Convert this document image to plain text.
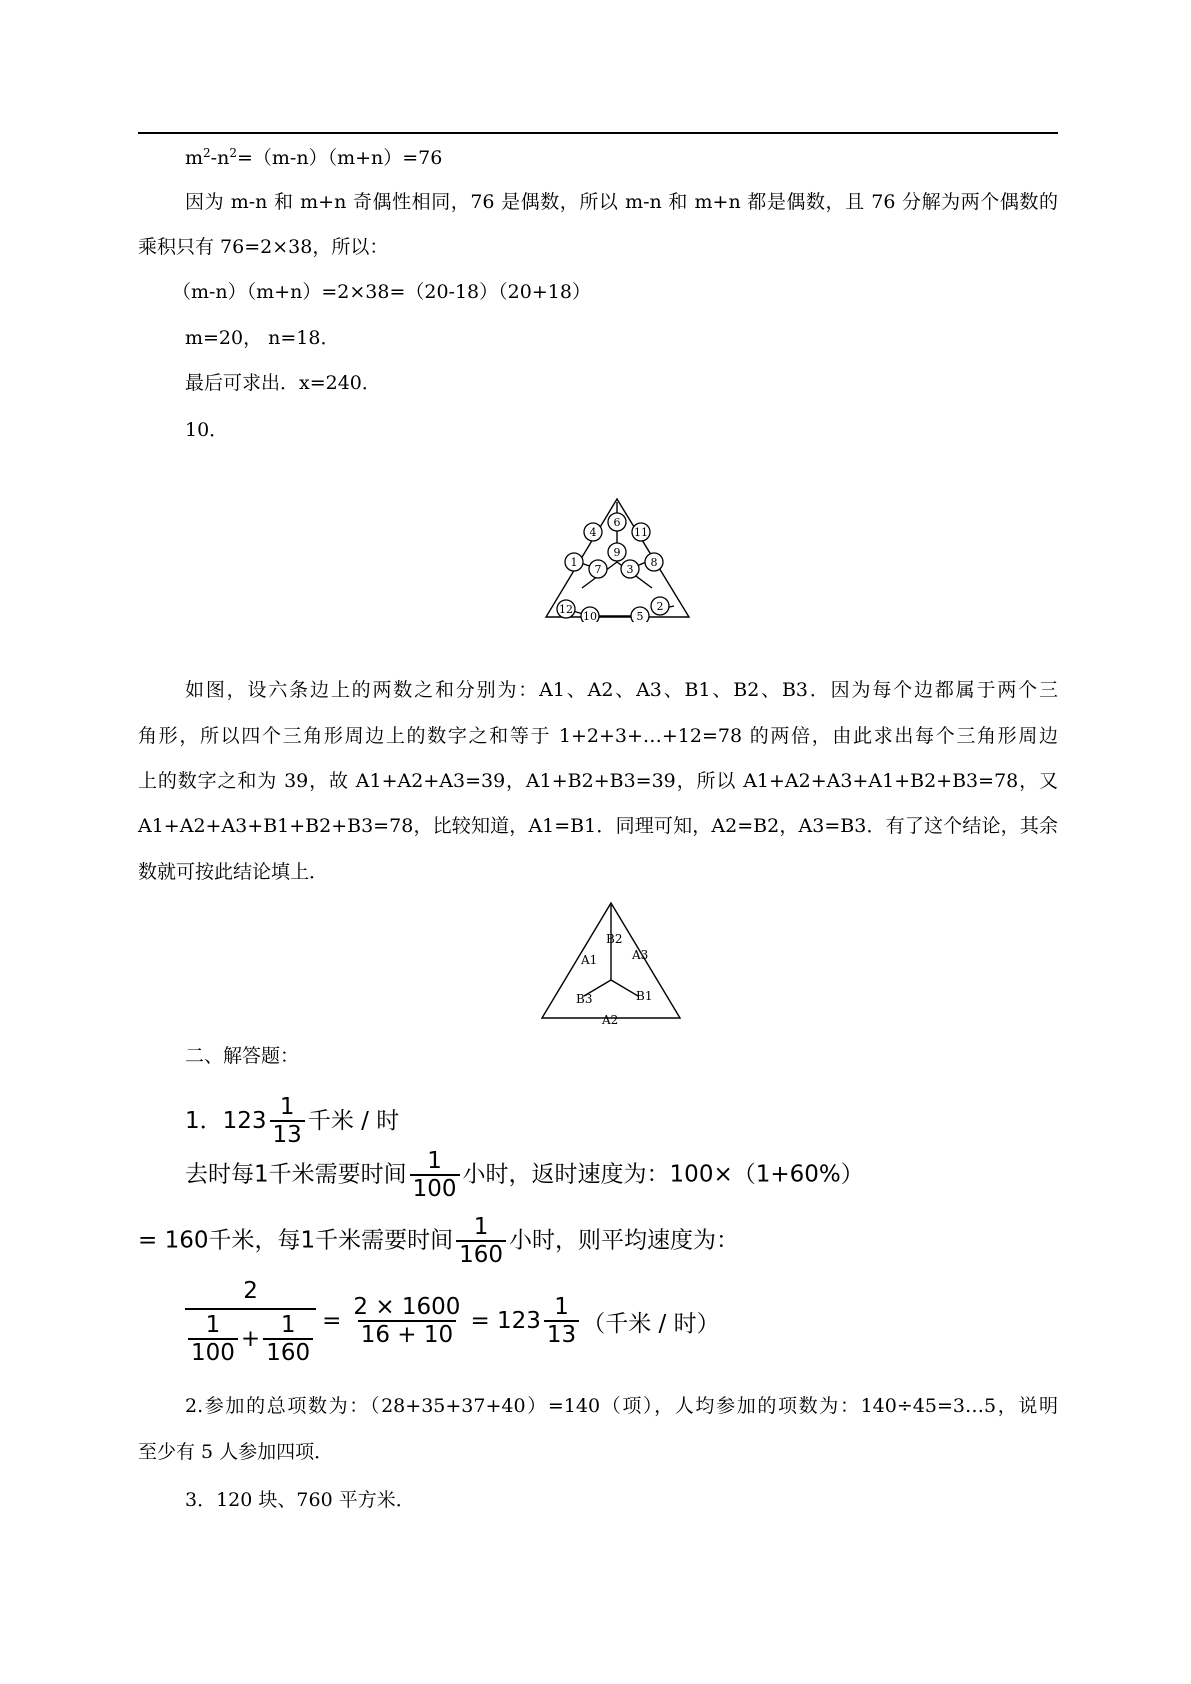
$m^2-n^2=(m-n)(m+n)=76$
因为 m-n 和 m+n 奇偶性相同，76 是偶数，所以 m-n 和 m+n 都是偶数，且 76 分解为两个偶数的
乘积只有 76=2×38，所以：
（m-n）（m+n）=2×38=（20-18）（20+18）
m=20， n=18．
最后可求出．x=240．
10．
6
4	11
9
1
7 3
8
12	2
10	5
如图，设六条边上的两数之和分别为：A1、A2、A3、B1、B2、B3．因为每个边都属于两个三
角形，所以四个三角形周边上的数字之和等于 1+2+3+…+12=78 的两倍，由此求出每个三角形周边
上的数字之和为 39，故 A1+A2+A3=39，A1+B2+B3=39，所以 A1+A2+A3+A1+B2+B3=78，又
A1+A2+A3+B1+B2+B3=78，比较知道，A1=B1．同理可知，A2=B2，A3=B3．有了这个结论，其余
数就可按此结论填上．
A1
B2
A3
B3	B1
A2
二、解答题：
1． $123 \frac{1}{13}$ 千米 / 时
去时每1千米需要时间 $\frac{1}{100}$ 小时，返时速度为：100×（1+60%）
= 160千米，每1千米需要时间 $\frac{1}{160}$ 小时，则平均速度为：
$\frac{2}{\frac{1}{100} + \frac{1}{160}} = \frac{2 \times 1600}{16 + 10} = 123 \frac{1}{13}$ （千米 / 时）
2.参加的总项数为：（28+35+37+40）=140（项），人均参加的项数为：140÷45=3…5，说明
至少有 5 人参加四项．
3．120 块、760 平方米．
